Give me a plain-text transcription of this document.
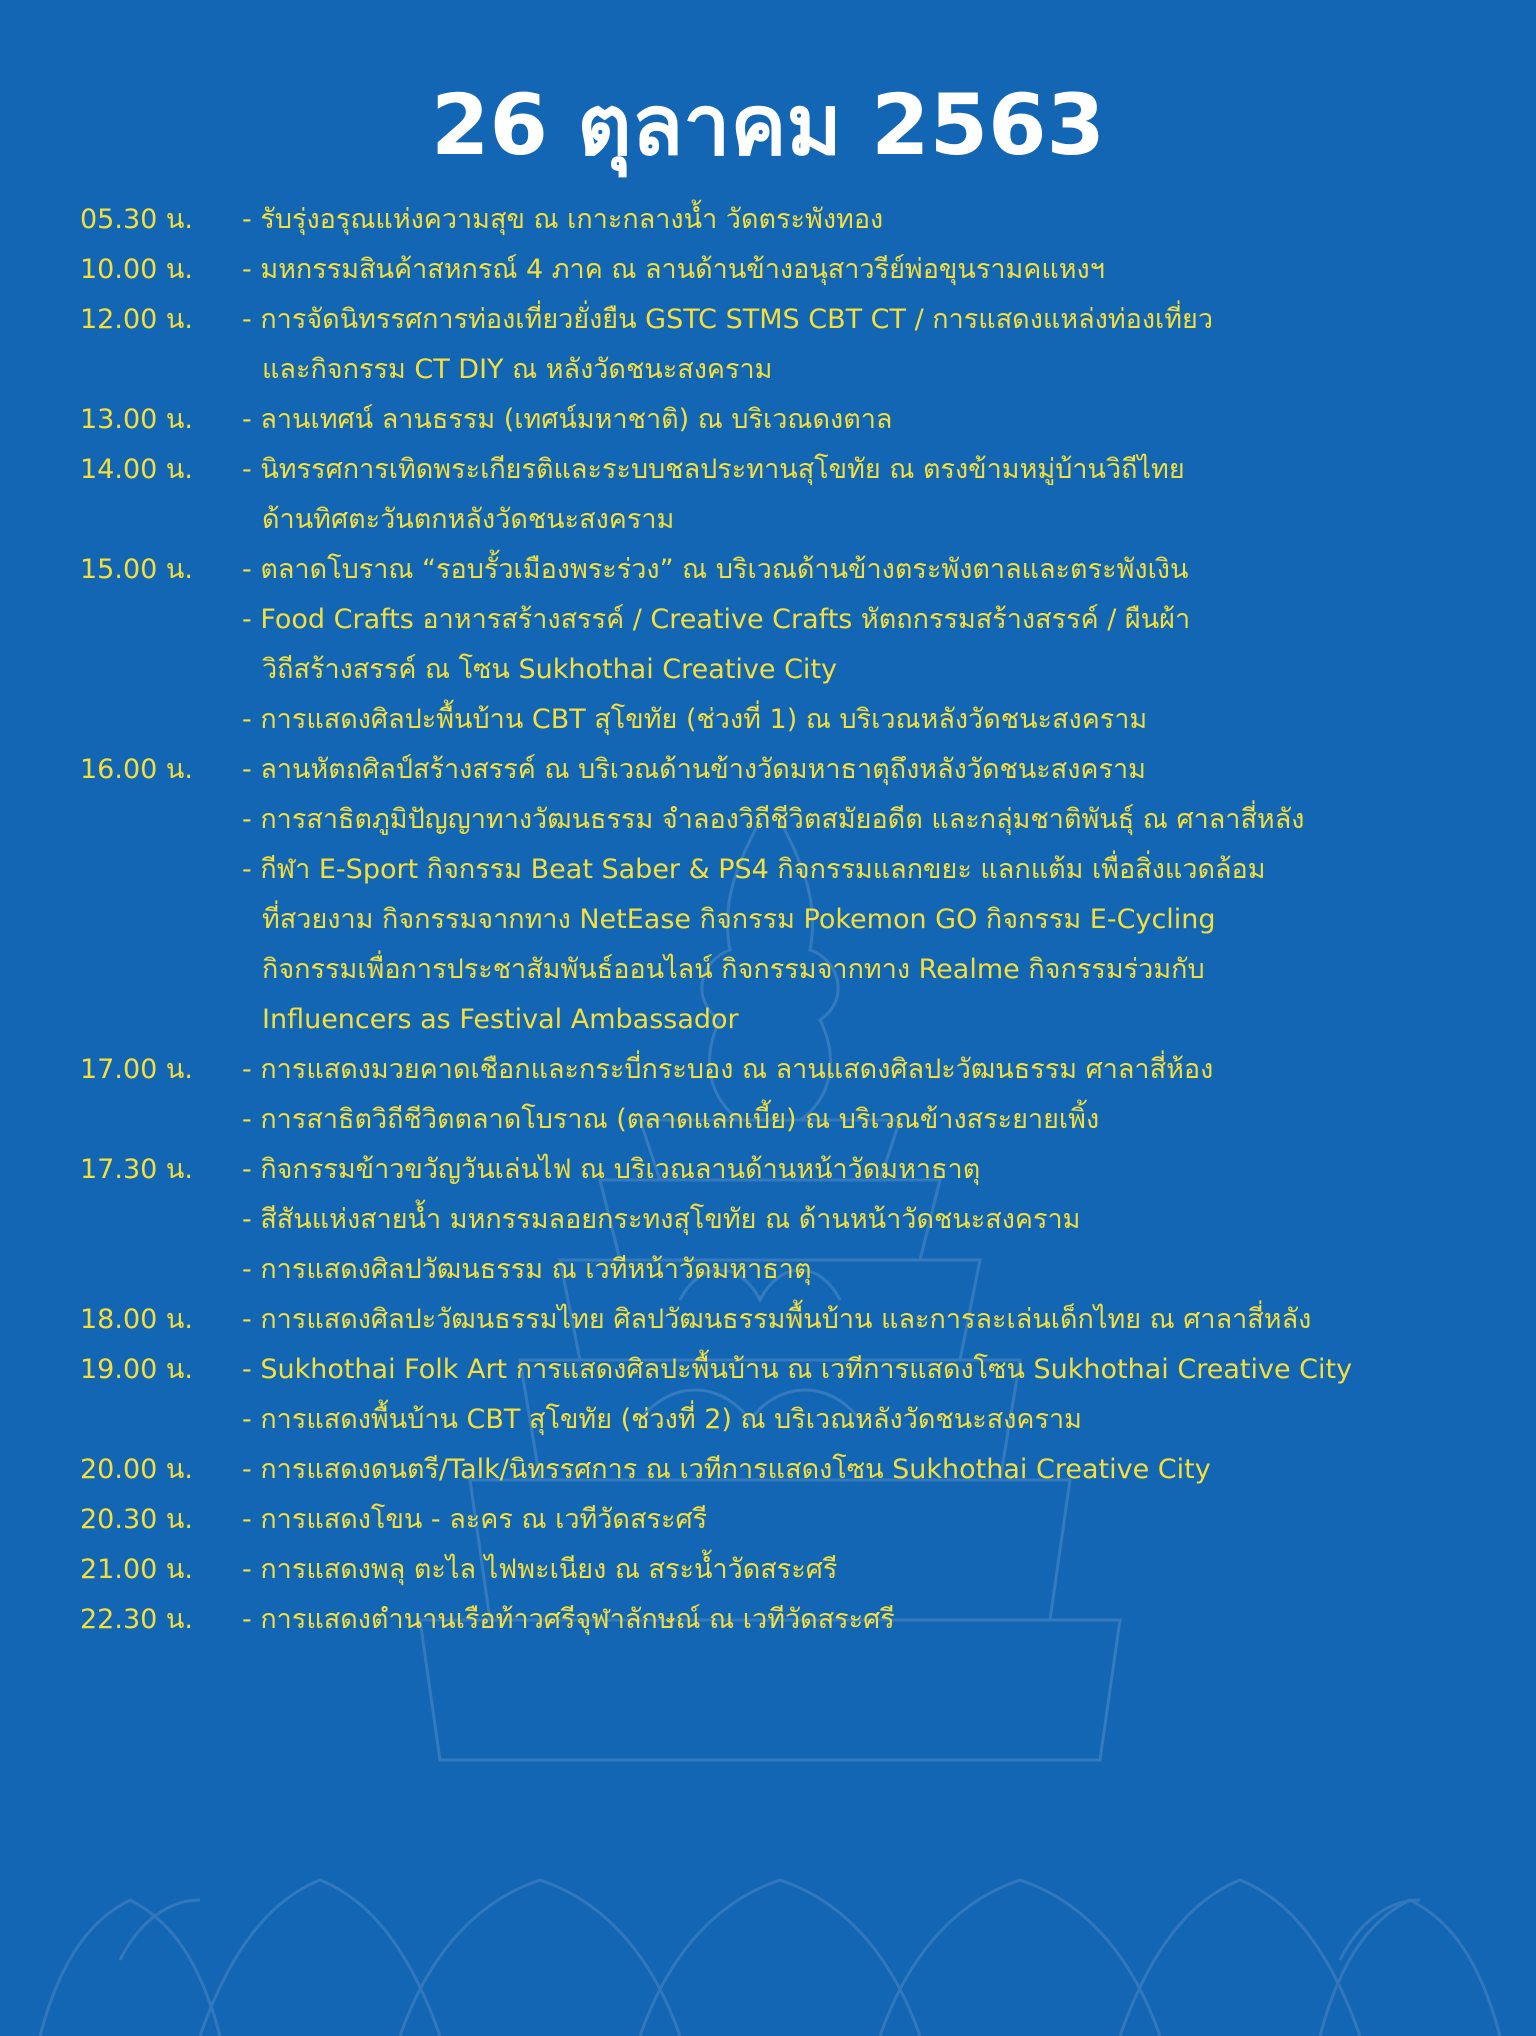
26 ตุลาคม 2563
05.30 น.	- รับรุ่งอรุณแห่งความสุข ณ เกาะกลางน้ำ วัดตระพังทอง
10.00 น.	- มหกรรมสินค้าสหกรณ์ 4 ภาค ณ ลานด้านข้างอนุสาวรีย์พ่อขุนรามคแหงฯ
12.00 น.	- การจัดนิทรรศการท่องเที่ยวยั่งยืน GSTC STMS CBT CT / การแสดงแหล่งท่องเที่ยว
และกิจกรรม CT DIY ณ หลังวัดชนะสงคราม
13.00 น.	- ลานเทศน์ ลานธรรม (เทศน์มหาชาติ) ณ บริเวณดงตาล
14.00 น.	- นิทรรศการเทิดพระเกียรติและระบบชลประทานสุโขทัย ณ ตรงข้ามหมู่บ้านวิถีไทย
ด้านทิศตะวันตกหลังวัดชนะสงคราม
15.00 น.	- ตลาดโบราณ “รอบรั้วเมืองพระร่วง” ณ บริเวณด้านข้างตระพังตาลและตระพังเงิน
- Food Crafts อาหารสร้างสรรค์ / Creative Crafts หัตถกรรมสร้างสรรค์ / ผืนผ้า
วิถีสร้างสรรค์ ณ โซน Sukhothai Creative City
- การแสดงศิลปะพื้นบ้าน CBT สุโขทัย (ช่วงที่ 1) ณ บริเวณหลังวัดชนะสงคราม
16.00 น.	- ลานหัตถศิลป์สร้างสรรค์ ณ บริเวณด้านข้างวัดมหาธาตุถึงหลังวัดชนะสงคราม
- การสาธิตภูมิปัญญาทางวัฒนธรรม จำลองวิถีชีวิตสมัยอดีต และกลุ่มชาติพันธุ์ ณ ศาลาสี่หลัง
- กีฬา E-Sport กิจกรรม Beat Saber & PS4 กิจกรรมแลกขยะ แลกแต้ม เพื่อสิ่งแวดล้อม
ที่สวยงาม กิจกรรมจากทาง NetEase กิจกรรม Pokemon GO กิจกรรม E-Cycling
กิจกรรมเพื่อการประชาสัมพันธ์ออนไลน์ กิจกรรมจากทาง Realme กิจกรรมร่วมกับ
Influencers as Festival Ambassador
17.00 น.	- การแสดงมวยคาดเชือกและกระบี่กระบอง ณ ลานแสดงศิลปะวัฒนธรรม ศาลาสี่ห้อง
- การสาธิตวิถีชีวิตตลาดโบราณ (ตลาดแลกเบี้ย) ณ บริเวณข้างสระยายเพิ้ง
17.30 น.	- กิจกรรมข้าวขวัญวันเล่นไฟ ณ บริเวณลานด้านหน้าวัดมหาธาตุ
- สีสันแห่งสายน้ำ มหกรรมลอยกระทงสุโขทัย ณ ด้านหน้าวัดชนะสงคราม
- การแสดงศิลปวัฒนธรรม ณ เวทีหน้าวัดมหาธาตุ
18.00 น.	- การแสดงศิลปะวัฒนธรรมไทย ศิลปวัฒนธรรมพื้นบ้าน และการละเล่นเด็กไทย ณ ศาลาสี่หลัง
19.00 น.	- Sukhothai Folk Art การแสดงศิลปะพื้นบ้าน ณ เวทีการแสดงโซน Sukhothai Creative City
- การแสดงพื้นบ้าน CBT สุโขทัย (ช่วงที่ 2) ณ บริเวณหลังวัดชนะสงคราม
20.00 น.	- การแสดงดนตรี/Talk/นิทรรศการ ณ เวทีการแสดงโซน Sukhothai Creative City
20.30 น.	- การแสดงโขน - ละคร ณ เวทีวัดสระศรี
21.00 น.	- การแสดงพลุ ตะไล ไฟพะเนียง ณ สระน้ำวัดสระศรี
22.30 น.	- การแสดงตำนานเรือท้าวศรีจุฬาลักษณ์ ณ เวทีวัดสระศรี
